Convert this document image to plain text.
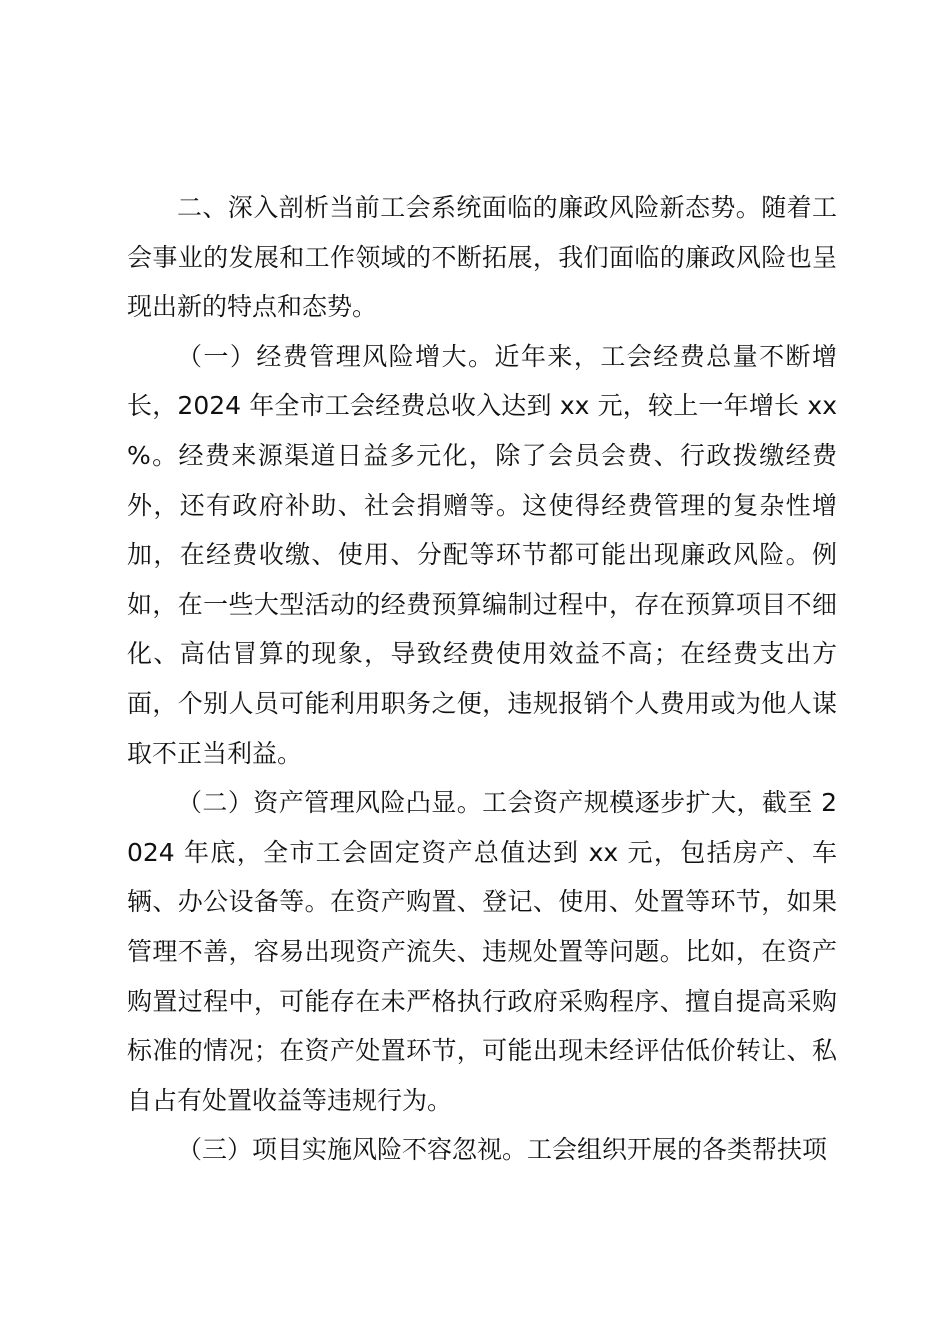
二、深入剖析当前工会系统面临的廉政风险新态势。随着工会事业的发展和工作领域的不断拓展，我们面临的廉政风险也呈现出新的特点和态势。

（一）经费管理风险增大。近年来，工会经费总量不断增长，2024 年全市工会经费总收入达到 xx 元，较上一年增长 xx %。经费来源渠道日益多元化，除了会员会费、行政拨缴经费外，还有政府补助、社会捐赠等。这使得经费管理的复杂性增加，在经费收缴、使用、分配等环节都可能出现廉政风险。例如，在一些大型活动的经费预算编制过程中，存在预算项目不细化、高估冒算的现象，导致经费使用效益不高；在经费支出方面，个别人员可能利用职务之便，违规报销个人费用或为他人谋取不正当利益。

（二）资产管理风险凸显。工会资产规模逐步扩大，截至 2024 年底，全市工会固定资产总值达到 xx 元，包括房产、车辆、办公设备等。在资产购置、登记、使用、处置等环节，如果管理不善，容易出现资产流失、违规处置等问题。比如，在资产购置过程中，可能存在未严格执行政府采购程序、擅自提高采购标准的情况；在资产处置环节，可能出现未经评估低价转让、私自占有处置收益等违规行为。

（三）项目实施风险不容忽视。工会组织开展的各类帮扶项
